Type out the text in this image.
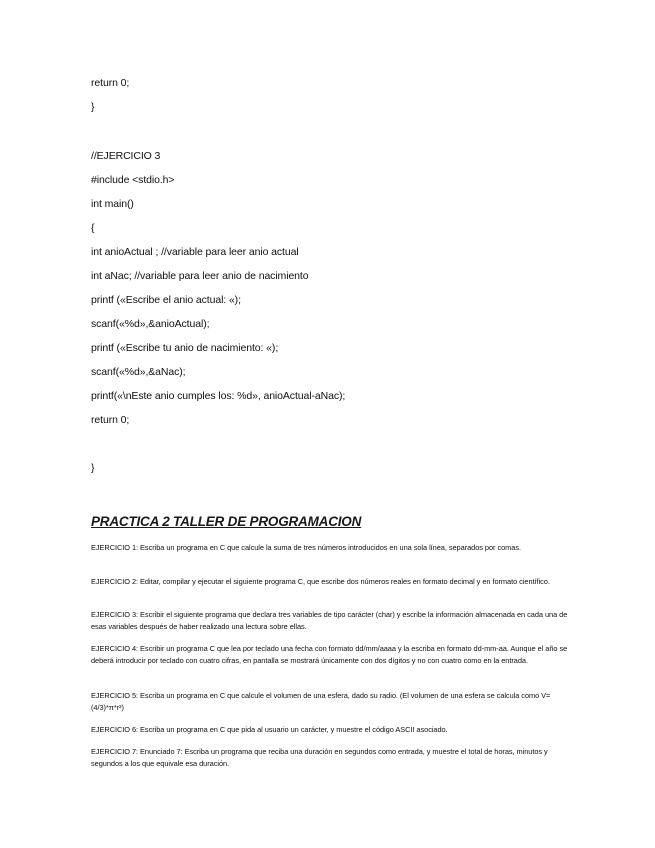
return 0;
}
//EJERCICIO 3
#include <stdio.h>
int main()
{
int anioActual ; //variable para leer anio actual
int aNac; //variable para leer anio de nacimiento
printf («Escribe el anio actual: «);
scanf(«%d»,&anioActual);
printf («Escribe tu anio de nacimiento: «);
scanf(«%d»,&aNac);
printf(«\nEste anio cumples los: %d», anioActual-aNac);
return 0;
}
PRACTICA 2 TALLER DE PROGRAMACION
EJERCICIO 1: Escriba un programa en C que calcule la suma de tres números introducidos en una sola línea, separados por comas.
EJERCICIO 2: Editar, compilar y ejecutar el siguiente programa C, que escribe dos números reales en formato decimal y en formato científico.
EJERCICIO 3: Escribir el siguiente programa que declara tres variables de tipo carácter (char) y escribe la información almacenada en cada una de esas variables después de haber realizado una lectura sobre ellas.
EJERCICIO 4: Escribir un programa C que lea por teclado una fecha con formato dd/mm/aaaa y la escriba en formato dd-mm-aa. Aunque el año se deberá introducir por teclado con cuatro cifras, en pantalla se mostrará únicamente con dos dígitos y no con cuatro como en la entrada.
EJERCICIO 5: Escriba un programa en C que calcule el volumen de una esfera, dado su radio. (El volumen de una esfera se calcula como V=(4/3)*π*r³)
EJERCICIO 6: Escriba un programa en C que pida al usuario un carácter, y muestre el código ASCII asociado.
EJERCICIO 7: Enunciado 7: Escriba un programa que reciba una duración en segundos como entrada, y muestre el total de horas, minutos y segundos a los que equivale esa duración.
